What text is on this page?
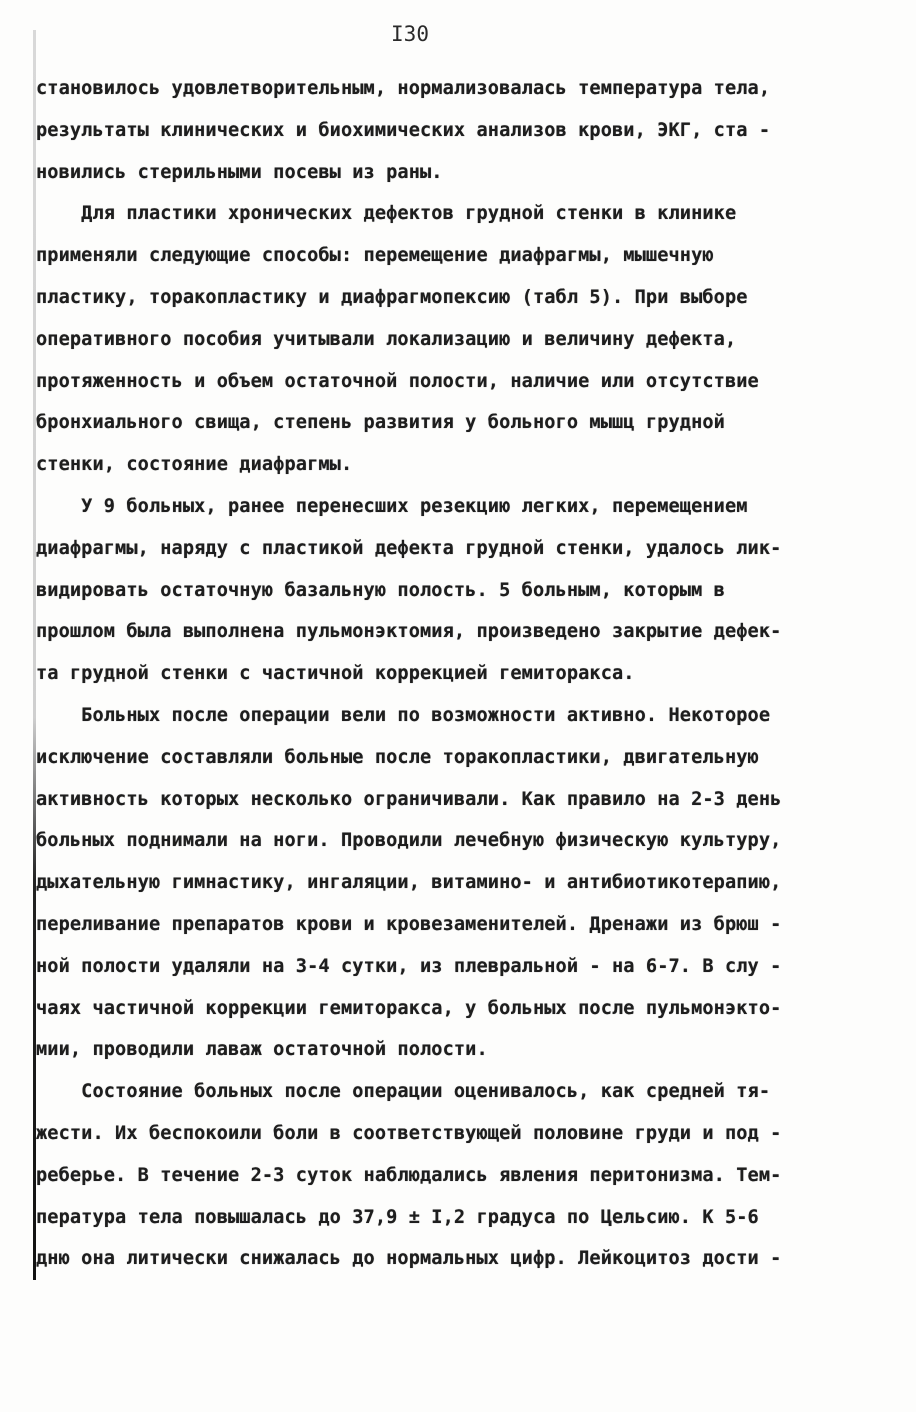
I30
становилось удовлетворительным, нормализовалась температура тела,
результаты клинических и биохимических анализов крови, ЭКГ, ста -
новились стерильными посевы из раны.
Для пластики хронических дефектов грудной стенки в клинике
применяли следующие способы: перемещение диафрагмы, мышечную
пластику, торакопластику и диафрагмопексию (табл 5). При выборе
оперативного пособия учитывали локализацию и величину дефекта,
протяженность и объем остаточной полости, наличие или отсутствие
бронхиального свища, степень развития у больного мышц грудной
стенки, состояние диафрагмы.
У 9 больных, ранее перенесших резекцию легких, перемещением
диафрагмы, наряду с пластикой дефекта грудной стенки, удалось лик-
видировать остаточную базальную полость. 5 больным, которым в
прошлом была выполнена пульмонэктомия, произведено закрытие дефек-
та грудной стенки с частичной коррекцией гемиторакса.
Больных после операции вели по возможности активно. Некоторое
исключение составляли больные после торакопластики, двигательную
активность которых несколько ограничивали. Как правило на 2-3 день
больных поднимали на ноги. Проводили лечебную физическую культуру,
дыхательную гимнастику, ингаляции, витамино- и антибиотикотерапию,
переливание препаратов крови и кровезаменителей. Дренажи из брюш -
ной полости удаляли на 3-4 сутки, из плевральной - на 6-7. В слу -
чаях частичной коррекции гемиторакса, у больных после пульмонэкто-
мии, проводили лаваж остаточной полости.
Состояние больных после операции оценивалось, как средней тя-
жести. Их беспокоили боли в соответствующей половине груди и под -
реберье. В течение 2-3 суток наблюдались явления перитонизма. Тем-
пература тела повышалась до 37,9 ± I,2 градуса по Цельсию. К 5-6
дню она литически снижалась до нормальных цифр. Лейкоцитоз дости -
